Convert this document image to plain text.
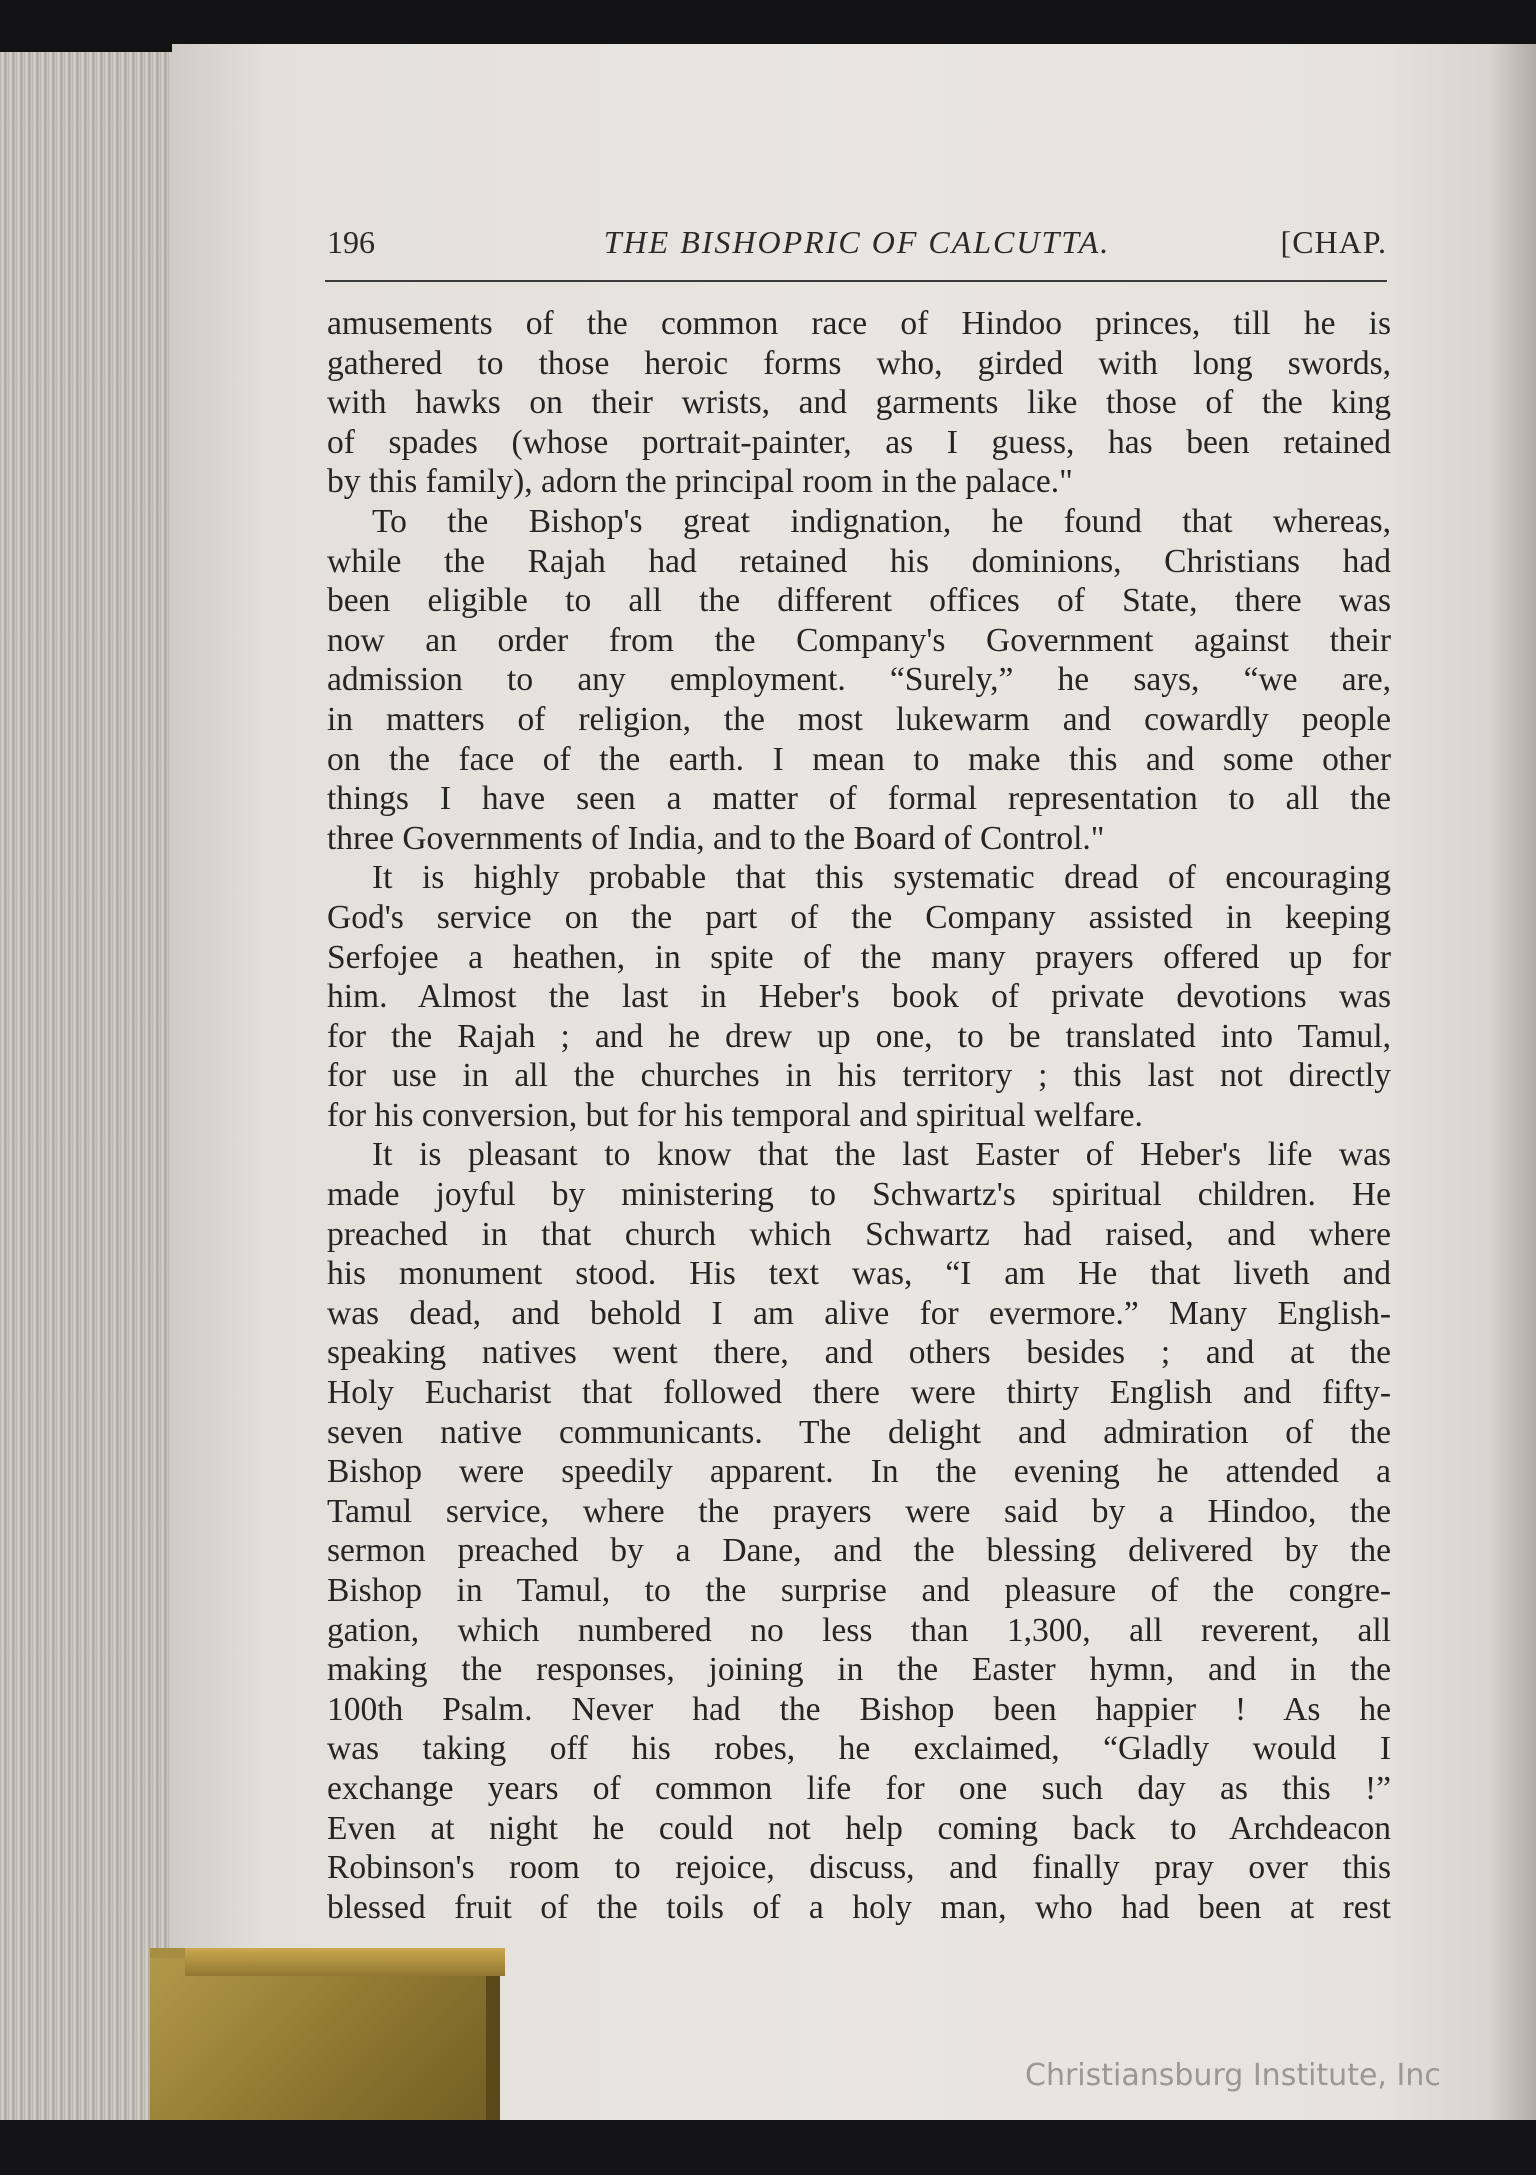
196	THE BISHOPRIC OF CALCUTTA.	[CHAP.
amusements of the common race of Hindoo princes, till he is
gathered to those heroic forms who, girded with long swords,
with hawks on their wrists, and garments like those of the king
of spades (whose portrait-painter, as I guess, has been retained
by this family), adorn the principal room in the palace."
To the Bishop's great indignation, he found that whereas,
while the Rajah had retained his dominions, Christians had
been eligible to all the different offices of State, there was
now an order from the Company's Government against their
admission to any employment. “Surely,” he says, “we are,
in matters of religion, the most lukewarm and cowardly people
on the face of the earth. I mean to make this and some other
things I have seen a matter of formal representation to all the
three Governments of India, and to the Board of Control."
It is highly probable that this systematic dread of encouraging
God's service on the part of the Company assisted in keeping
Serfojee a heathen, in spite of the many prayers offered up for
him. Almost the last in Heber's book of private devotions was
for the Rajah ; and he drew up one, to be translated into Tamul,
for use in all the churches in his territory ; this last not directly
for his conversion, but for his temporal and spiritual welfare.
It is pleasant to know that the last Easter of Heber's life was
made joyful by ministering to Schwartz's spiritual children. He
preached in that church which Schwartz had raised, and where
his monument stood. His text was, “I am He that liveth and
was dead, and behold I am alive for evermore.” Many English-
speaking natives went there, and others besides ; and at the
Holy Eucharist that followed there were thirty English and fifty-
seven native communicants. The delight and admiration of the
Bishop were speedily apparent. In the evening he attended a
Tamul service, where the prayers were said by a Hindoo, the
sermon preached by a Dane, and the blessing delivered by the
Bishop in Tamul, to the surprise and pleasure of the congre-
gation, which numbered no less than 1,300, all reverent, all
making the responses, joining in the Easter hymn, and in the
100th Psalm. Never had the Bishop been happier ! As he
was taking off his robes, he exclaimed, “Gladly would I
exchange years of common life for one such day as this !”
Even at night he could not help coming back to Archdeacon
Robinson's room to rejoice, discuss, and finally pray over this
blessed fruit of the toils of a holy man, who had been at rest
Christiansburg Institute, Inc
